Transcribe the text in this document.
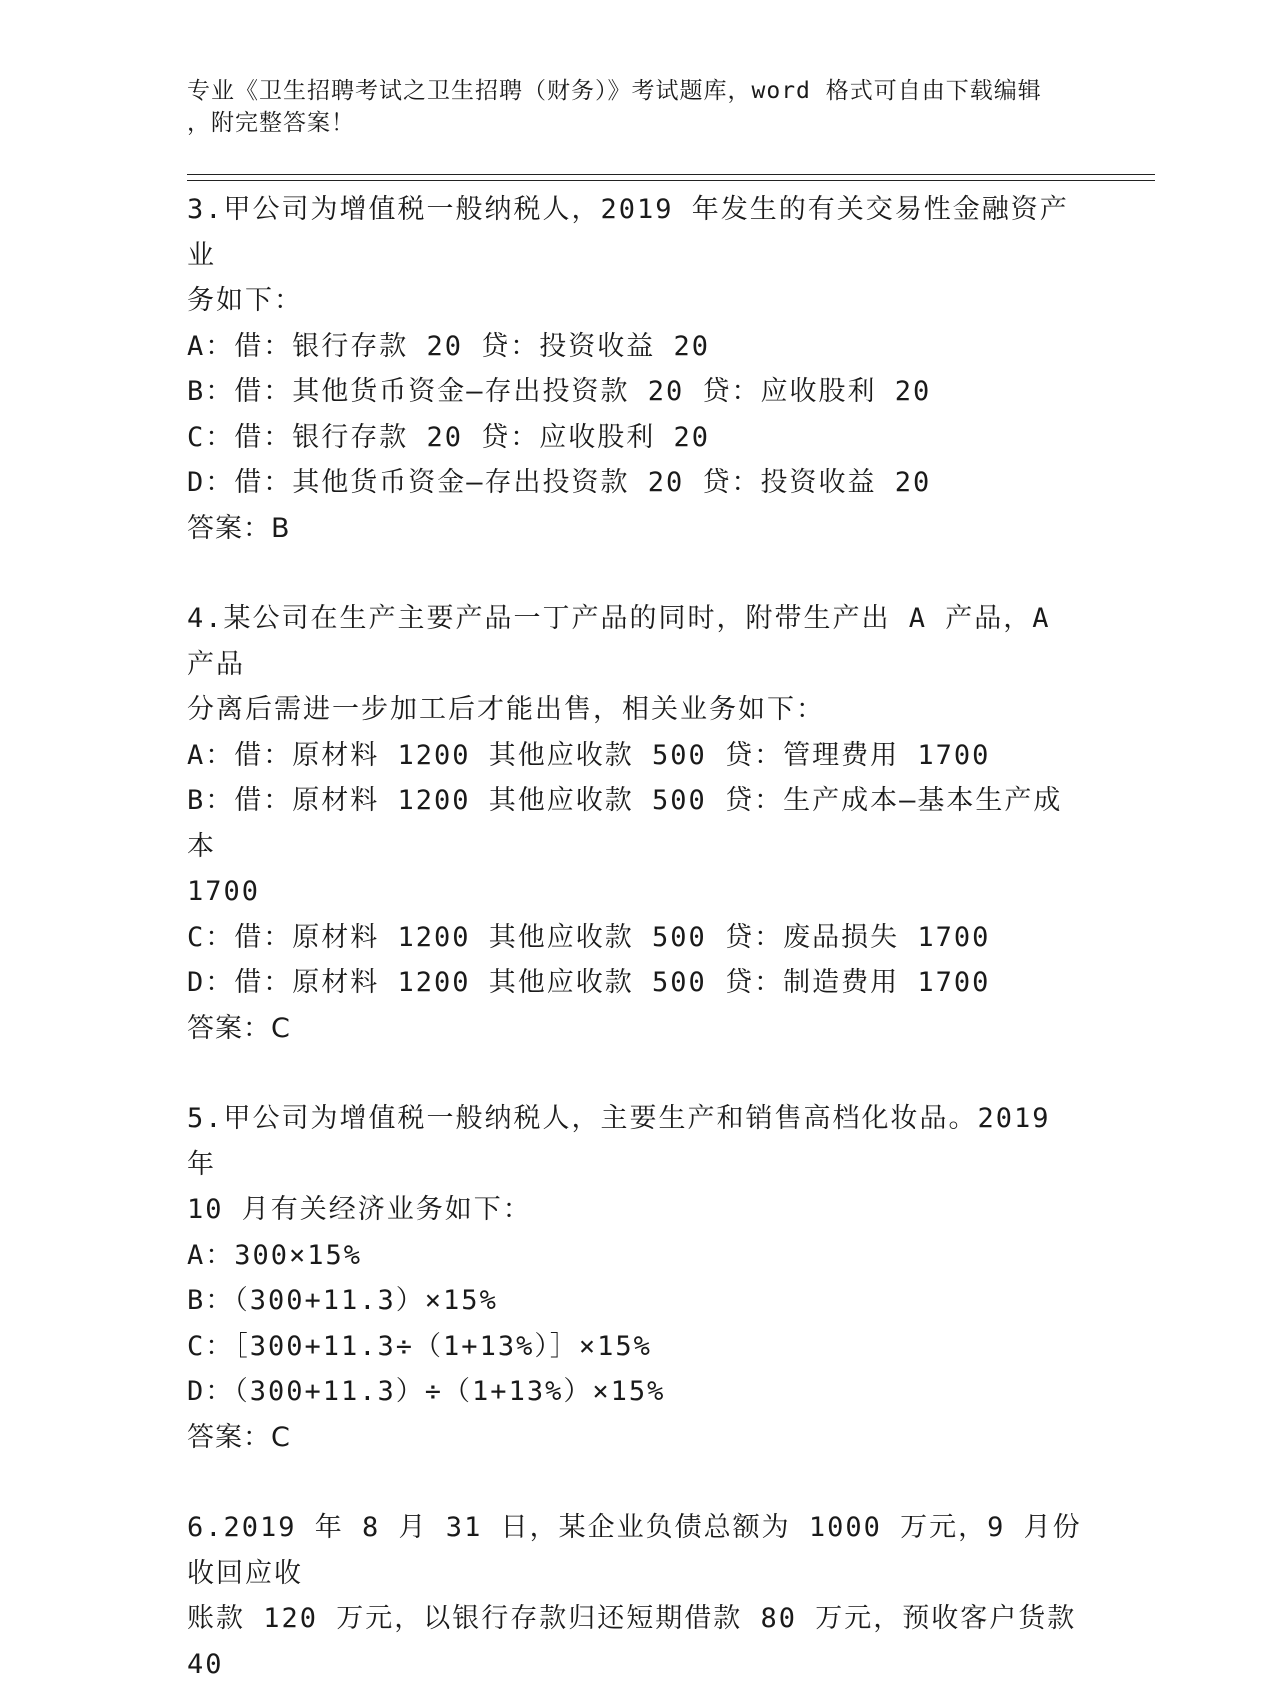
专业《卫生招聘考试之卫生招聘（财务）》考试题库，word 格式可自由下载编辑
，附完整答案！
3.甲公司为增值税一般纳税人，2019 年发生的有关交易性金融资产业
务如下：
A：借：银行存款 20 贷：投资收益 20
B：借：其他货币资金—存出投资款 20 贷：应收股利 20
C：借：银行存款 20 贷：应收股利 20
D：借：其他货币资金—存出投资款 20 贷：投资收益 20
答案：B
4.某公司在生产主要产品一丁产品的同时，附带生产出 A 产品，A 产品
分离后需进一步加工后才能出售，相关业务如下：
A：借：原材料 1200 其他应收款 500 贷：管理费用 1700
B：借：原材料 1200 其他应收款 500 贷：生产成本—基本生产成本
1700
C：借：原材料 1200 其他应收款 500 贷：废品损失 1700
D：借：原材料 1200 其他应收款 500 贷：制造费用 1700
答案：C
5.甲公司为增值税一般纳税人，主要生产和销售高档化妆品。2019 年
10 月有关经济业务如下：
A：300×15%
B：（300+11.3）×15%
C：［300+11.3÷（1+13%）］×15%
D：（300+11.3）÷（1+13%）×15%
答案：C
6.2019 年 8 月 31 日，某企业负债总额为 1000 万元，9 月份收回应收
账款 120 万元，以银行存款归还短期借款 80 万元，预收客户货款 40
